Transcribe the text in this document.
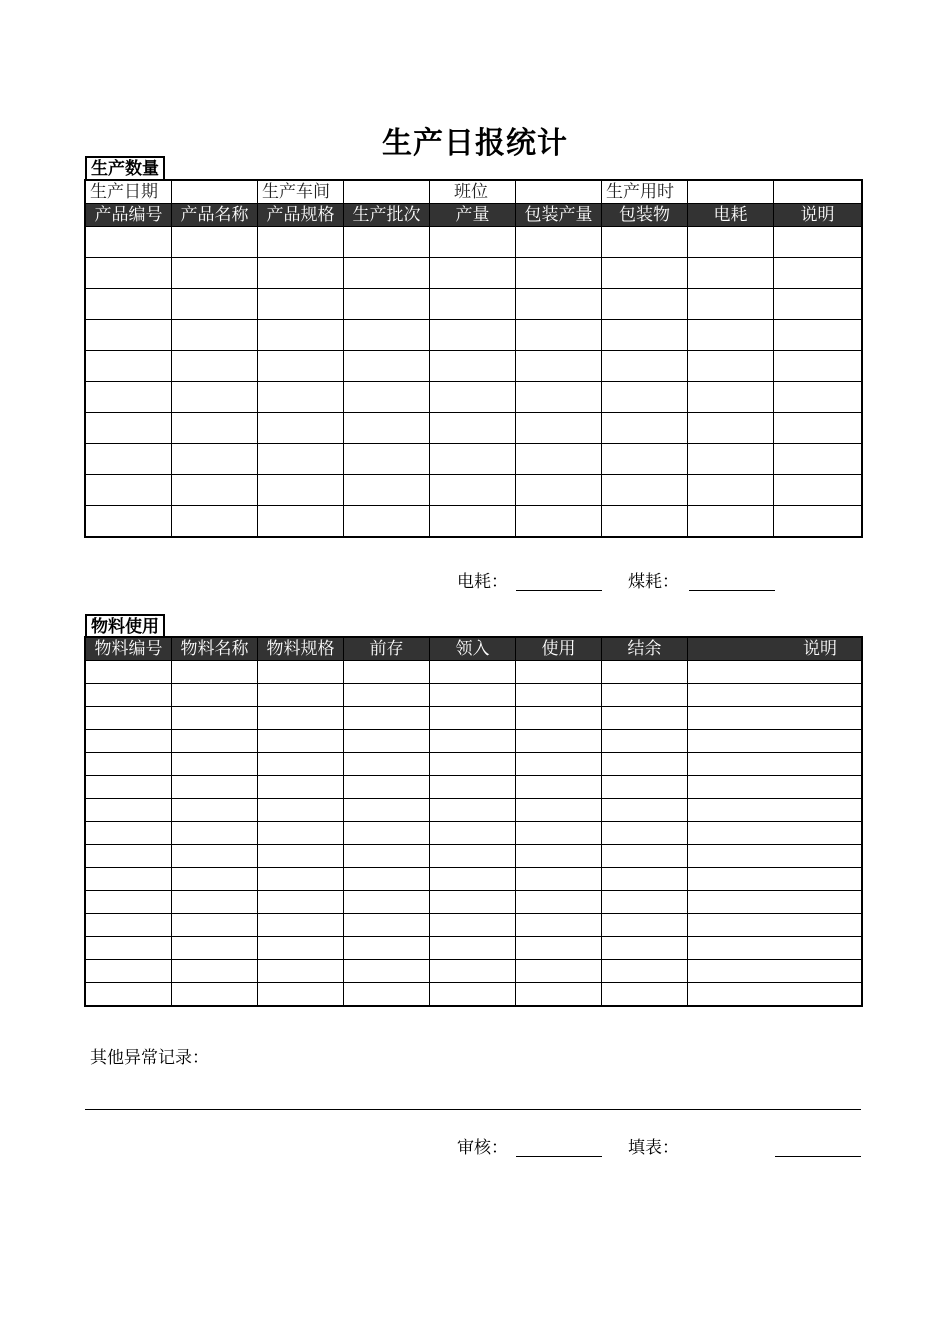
生产日报统计
生产数量
生产日期		生产车间		班位		生产用时		
产品编号	产品名称	产品规格	生产批次	产量	包装产量	包装物	电耗	说明

电耗：	煤耗：
物料使用
物料编号	物料名称	物料规格	前存	领入	使用	结余	说明

其他异常记录：
审核：	填表：
